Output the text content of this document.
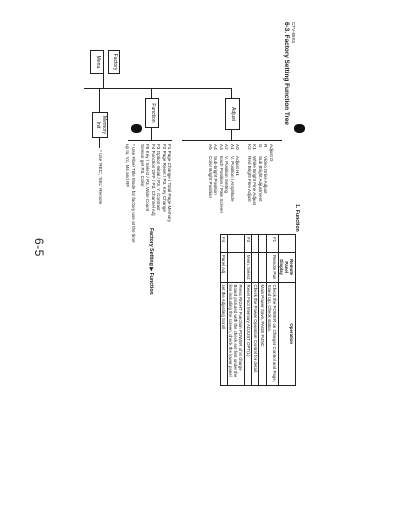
CTV-55S1
6-3. Factory Setting Function Tree
Menu Factory
Adjust
A0Adjust H1
A1V. Position / Amplitude
A2V. Position Setting
A3Each Position / Pale Screen
A4Sub-bright Position
A5Color Bright Position
Adjust G
RVideo Drive Adjust
GSub Bright Adjustment
K1White Bright Fine Adjust
K2Red Bright Fine Adjust
Function
F1 Page Change / Total Page Memory
F2 Page Reset / P3. Key Change
F3 Option Initial / P3. Y. Contrast
F4 Function OFF / P3. Channel Adj
F5 Key / Select / P3. Wide Count
Sensor get P3. Color
* Use Fiber Title Mode for factory use at the time
up to, Vc, Ms and RF
Memory Init
* Use 'REC', 'SEL' Remote
1. Function
Factory Setting ▶ Function
		Remote Panel Display	Operation
F1	Remote Pwr	Check the POWER on Charger Control and Page, Stand Up, Check status.
		Main Power Save, PAGE FUNC
		Check the Power Operation Control for detail.
F3	Mem. Select	Reset Fact Memory ADJUST OPT(1)
		Press RIGHT Function POWER of in charge Board pictured with the check set first under the line including the screen, check the lower panel
F4	Panel Adj.	set the Adjusting Scroll
6-5
